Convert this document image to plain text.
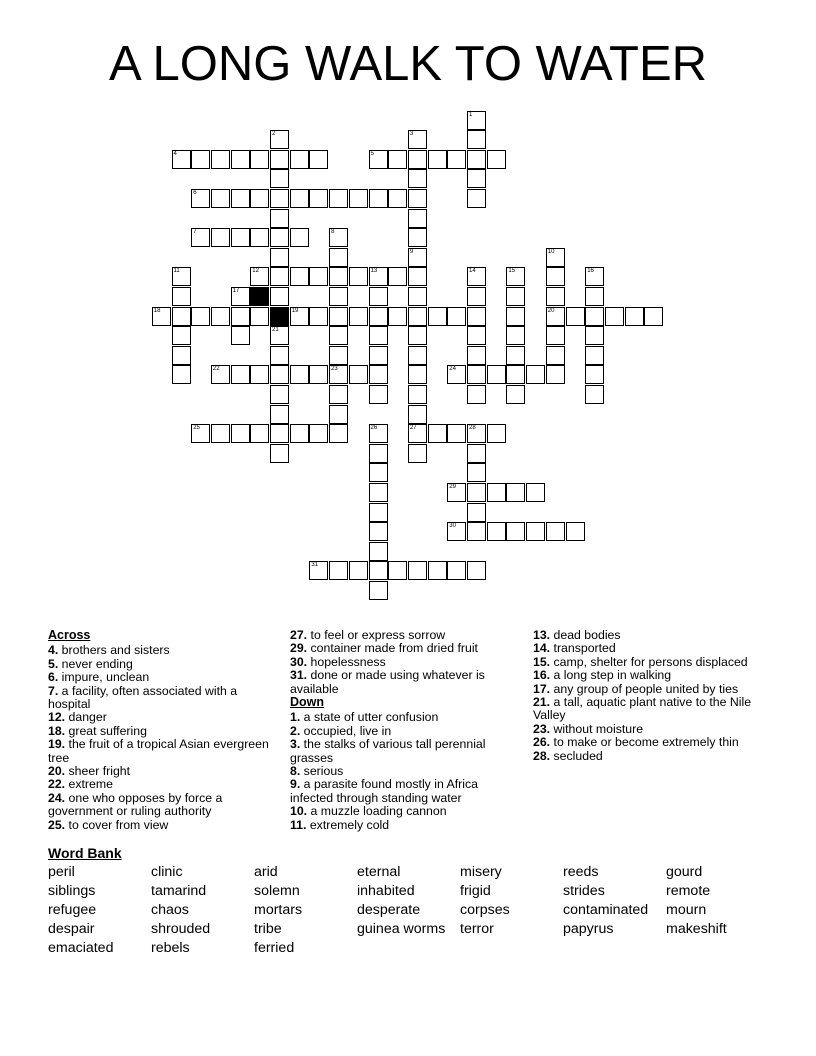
A LONG WALK TO WATER
4	5
6
7
12	13
18	19	20
22	23	24
25	27	28
29
30
31
1
2
21
3
8
9	10
11	14	15	16
17
26
Across
4. brothers and sisters
5. never ending
6. impure, unclean
7. a facility, often associated with a hospital
12. danger
18. great suffering
19. the fruit of a tropical Asian evergreen tree
20. sheer fright
22. extreme
24. one who opposes by force a government or ruling authority
25. to cover from view
27. to feel or express sorrow
29. container made from dried fruit
30. hopelessness
31. done or made using whatever is available
Down
1. a state of utter confusion
2. occupied, live in
3. the stalks of various tall perennial grasses
8. serious
9. a parasite found mostly in Africa infected through standing water
10. a muzzle loading cannon
11. extremely cold
13. dead bodies
14. transported
15. camp, shelter for persons displaced
16. a long step in walking
17. any group of people united by ties
21. a tall, aquatic plant native to the Nile Valley
23. without moisture
26. to make or become extremely thin
28. secluded
Word Bank
peril	clinic	arid	eternal	misery	reeds	gourd
siblings	tamarind	solemn	inhabited	frigid	strides	remote
refugee	chaos	mortars	desperate	corpses	contaminated	mourn
despair	shrouded	tribe	guinea worms	terror	papyrus	makeshift
emaciated	rebels	ferried
